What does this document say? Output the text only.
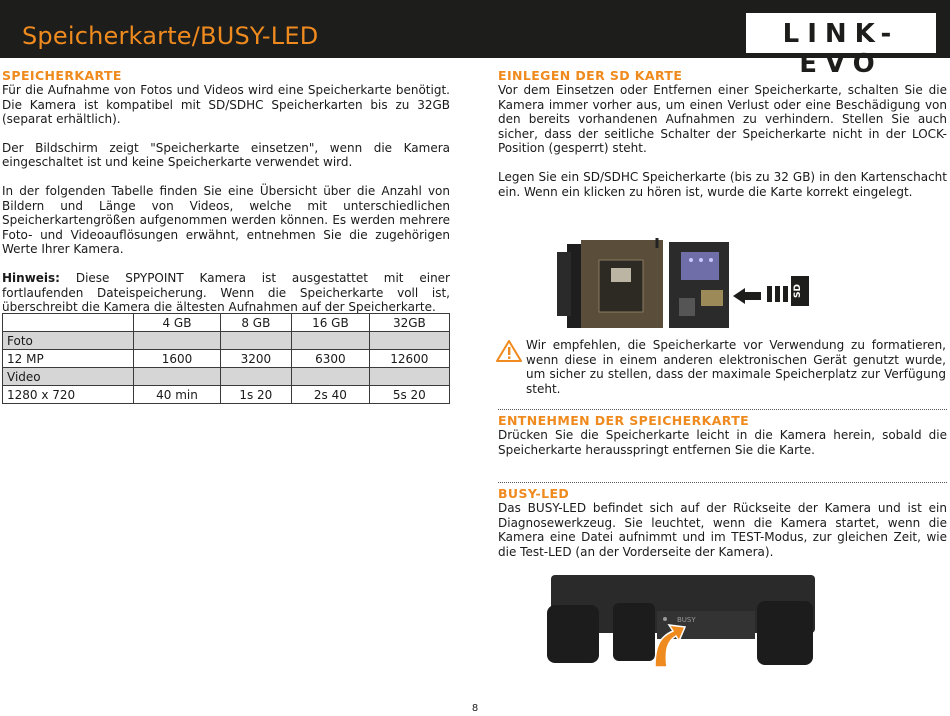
Speicherkarte/BUSY-LED	LINK-EVO
SPEICHERKARTE

Für die Aufnahme von Fotos und Videos wird eine Speicherkarte benötigt. Die Kamera ist kompatibel mit SD/SDHC Speicherkarten bis zu 32GB (separat erhältlich).

Der Bildschirm zeigt "Speicherkarte einsetzen", wenn die Kamera eingeschaltet ist und keine Speicherkarte verwendet wird.

In der folgenden Tabelle finden Sie eine Übersicht über die Anzahl von Bildern und Länge von Videos, welche mit unterschiedlichen Speicherkartengrößen aufgenommen werden können. Es werden mehrere Foto- und Videoauflösungen erwähnt, entnehmen Sie die zugehörigen Werte Ihrer Kamera.

Hinweis: Diese SPYPOINT Kamera ist ausgestattet mit einer fortlaufenden Dateispeicherung. Wenn die Speicherkarte voll ist, überschreibt die Kamera die ältesten Aufnahmen auf der Speicherkarte.

	4 GB	8 GB	16 GB	32GB
Foto				
12 MP	1600	3200	6300	12600
Video				
1280 x 720	40 min	1s 20	2s 40	5s 20
EINLEGEN DER SD KARTE

Vor dem Einsetzen oder Entfernen einer Speicherkarte, schalten Sie die Kamera immer vorher aus, um einen Verlust oder eine Beschädigung von den bereits vorhandenen Aufnahmen zu verhindern. Stellen Sie auch sicher, dass der seitliche Schalter der Speicherkarte nicht in der LOCK-Position (gesperrt) steht.

Legen Sie ein SD/SDHC Speicherkarte (bis zu 32 GB) in den Kartenschacht ein. Wenn ein klicken zu hören ist, wurde die Karte korrekt eingelegt.

SD
Wir empfehlen, die Speicherkarte vor Verwendung zu formatieren, wenn diese in einem anderen elektronischen Gerät genutzt wurde, um sicher zu stellen, dass der maximale Speicherplatz zur Verfügung steht.
ENTNEHMEN DER SPEICHERKARTE

Drücken Sie die Speicherkarte leicht in die Kamera herein, sobald die Speicherkarte herausspringt entfernen Sie die Karte.

BUSY-LED

Das BUSY-LED befindet sich auf der Rückseite der Kamera und ist ein Diagnosewerkzeug. Sie leuchtet, wenn die Kamera startet, wenn die Kamera eine Datei aufnimmt und im TEST-Modus, zur gleichen Zeit, wie die Test-LED (an der Vorderseite der Kamera).

BUSY
8
